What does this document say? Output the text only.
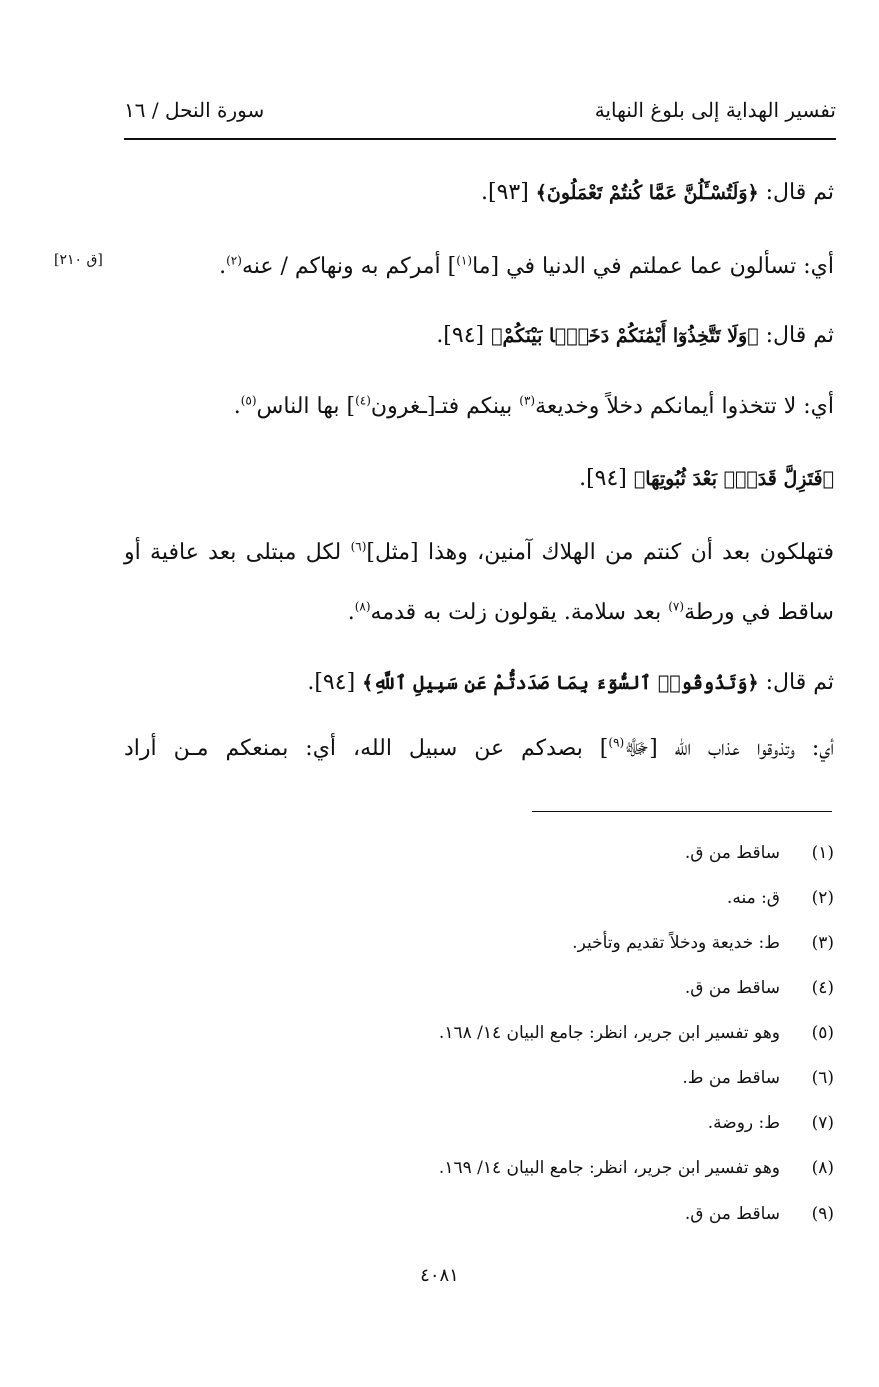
تفسير الهداية إلى بلوغ النهاية
سورة النحل / ١٦
[ق ٢١٠]
ثم قال: ﴿وَلَتُسْـَٔلُنَّ عَمَّا كُنتُمْ تَعْمَلُونَ﴾ [٩٣].
أي: تسألون عما عملتم في الدنيا في [ما$^{(١)}$] أمركم به ونهاكم / عنه$^{(٢)}$.
ثم قال: ﴿وَلَا تَتَّخِذُوٓا أَيْمَٰنَكُمْ دَخَلًۢا بَيْنَكُمْ﴾ [٩٤].
أي: لا تتخذوا أيمانكم دخلاً وخديعة$^{(٣)}$ بينكم فتـ[ـغرون$^{(٤)}$] بها الناس$^{(٥)}$.
﴿فَتَزِلَّ قَدَمٌۢ بَعْدَ ثُبُوتِهَا﴾ [٩٤].
فتهلكون بعد أن كنتم من الهلاك آمنين، وهذا [مثل]$^{(٦)}$ لكل مبتلى بعد عافية أو
ساقط في ورطة$^{(٧)}$ بعد سلامة. يقولون زلت به قدمه$^{(٨)}$.
ثم قال: ﴿وَتَذُوقُوا۟ ٱلسُّوٓءَ بِمَا صَدَدتُّمْ عَن سَبِيلِ ٱللَّهِ﴾ [٩٤].
أي: وتذوقوا عذاب الله [ﷻ$^{(٩)}$] بصدكم عن سبيل الله، أي: بمنعكم مـن أراد
(١)ساقط من ق.
(٢)ق: منه.
(٣)ط: خديعة ودخلاً تقديم وتأخير.
(٤)ساقط من ق.
(٥)وهو تفسير ابن جرير، انظر: جامع البيان ١٤/ ١٦٨.
(٦)ساقط من ط.
(٧)ط: روضة.
(٨)وهو تفسير ابن جرير، انظر: جامع البيان ١٤/ ١٦٩.
(٩)ساقط من ق.
٤٠٨١
